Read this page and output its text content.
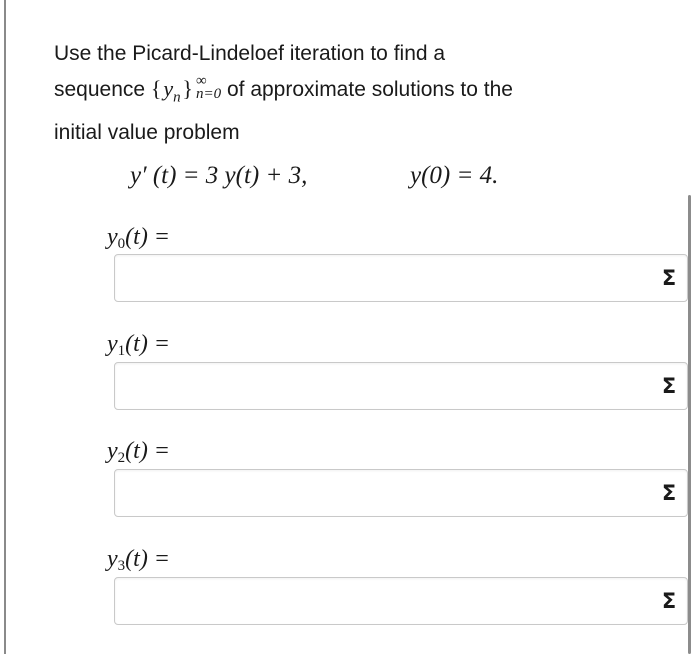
Use the Picard-Lindeloef iteration to find a
sequence { $y_n$ } ∞
n=0 of approximate solutions to the
initial value problem
y′ (t) = 3 y(t) + 3,	y(0) = 4.
$y_0(t)$ =
Σ
$y_1(t)$ =
Σ
$y_2(t)$ =
Σ
$y_3(t)$ =
Σ
